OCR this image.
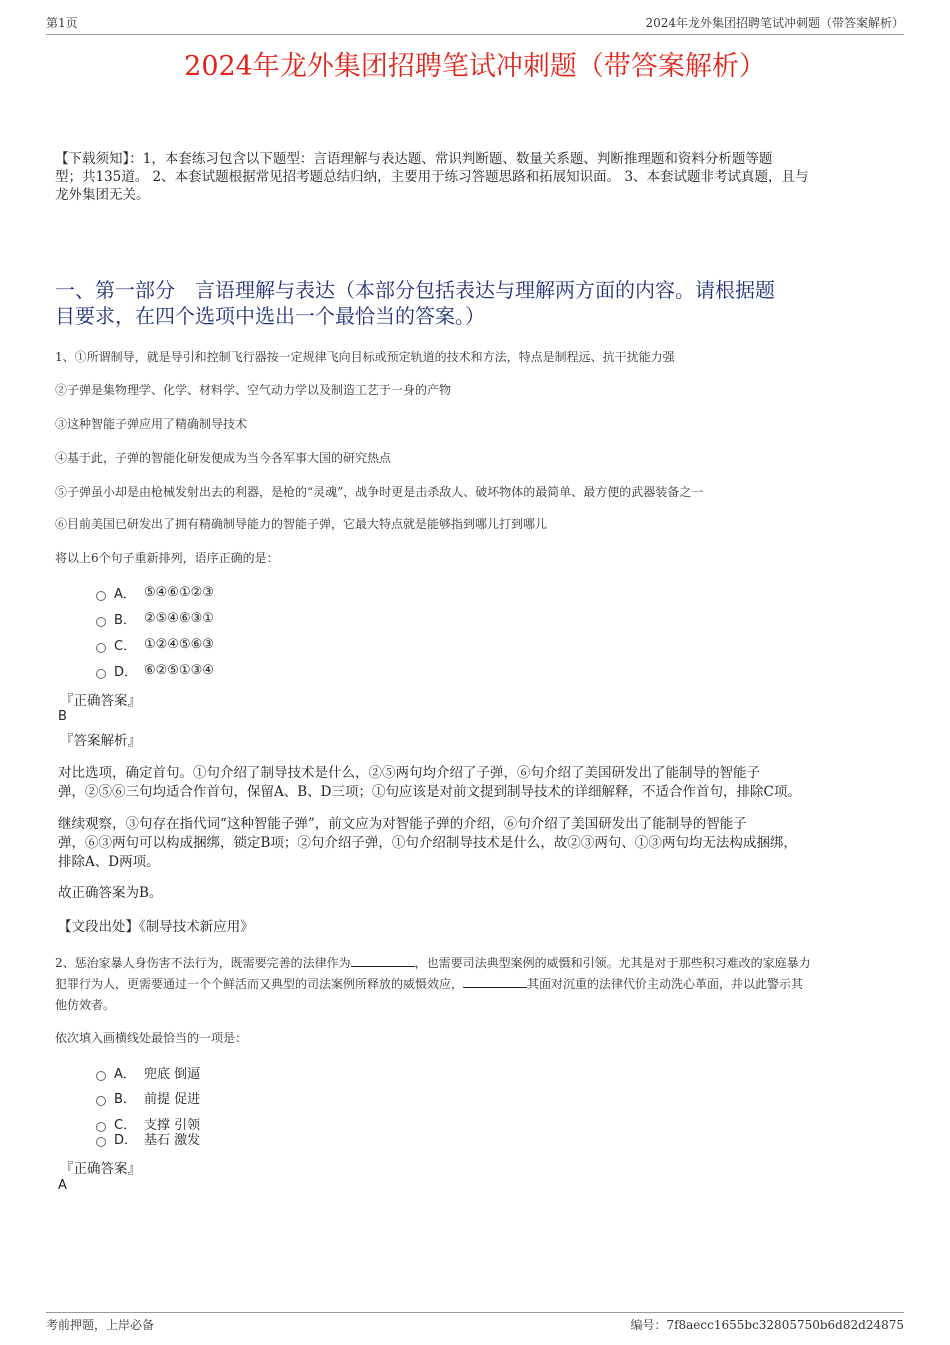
第1页	2024年龙外集团招聘笔试冲刺题（带答案解析）
2024年龙外集团招聘笔试冲刺题（带答案解析）
【下载须知】：1，本套练习包含以下题型：言语理解与表达题、常识判断题、数量关系题、判断推理题和资料分析题等题
型；共135道。 2、本套试题根据常见招考题总结归纳，主要用于练习答题思路和拓展知识面。 3、本套试题非考试真题，且与
龙外集团无关。
一、第一部分　言语理解与表达（本部分包括表达与理解两方面的内容。请根据题
目要求，在四个选项中选出一个最恰当的答案。）
1、①所谓制导，就是导引和控制飞行器按一定规律飞向目标或预定轨道的技术和方法，特点是制程远、抗干扰能力强
②子弹是集物理学、化学、材料学、空气动力学以及制造工艺于一身的产物
③这种智能子弹应用了精确制导技术
④基于此，子弹的智能化研发便成为当今各军事大国的研究热点
⑤子弹虽小却是由枪械发射出去的利器，是枪的“灵魂”，战争时更是击杀敌人、破坏物体的最简单、最方便的武器装备之一
⑥目前美国已研发出了拥有精确制导能力的智能子弹，它最大特点就是能够指到哪儿打到哪儿
将以上6个句子重新排列，语序正确的是：
A． ⑤④⑥①②③
B． ②⑤④⑥③①
C． ①②④⑤⑥③
D． ⑥②⑤①③④
『正确答案』
B
『答案解析』
对比选项，确定首句。①句介绍了制导技术是什么，②⑤两句均介绍了子弹，⑥句介绍了美国研发出了能制导的智能子
弹，②⑤⑥三句均适合作首句，保留A、B、D三项；①句应该是对前文提到制导技术的详细解释，不适合作首句，排除C项。
继续观察，③句存在指代词“这种智能子弹”，前文应为对智能子弹的介绍，⑥句介绍了美国研发出了能制导的智能子
弹，⑥③两句可以构成捆绑，锁定B项；②句介绍子弹，①句介绍制导技术是什么，故②③两句、①③两句均无法构成捆绑，
排除A、D两项。
故正确答案为B。
【文段出处】《制导技术新应用》
2、惩治家暴人身伤害不法行为，既需要完善的法律作为	，也需要司法典型案例的威慑和引领。尤其是对于那些积习难改的家庭暴力
犯罪行为人，更需要通过一个个鲜活而又典型的司法案例所释放的威慑效应，	其面对沉重的法律代价主动洗心革面，并以此警示其
他仿效者。
依次填入画横线处最恰当的一项是：
A． 兜底 倒逼
B． 前提 促进
C． 支撑 引领
D． 基石 激发
『正确答案』
A
考前押题，上岸必备	编号：7f8aecc1655bc32805750b6d82d24875
